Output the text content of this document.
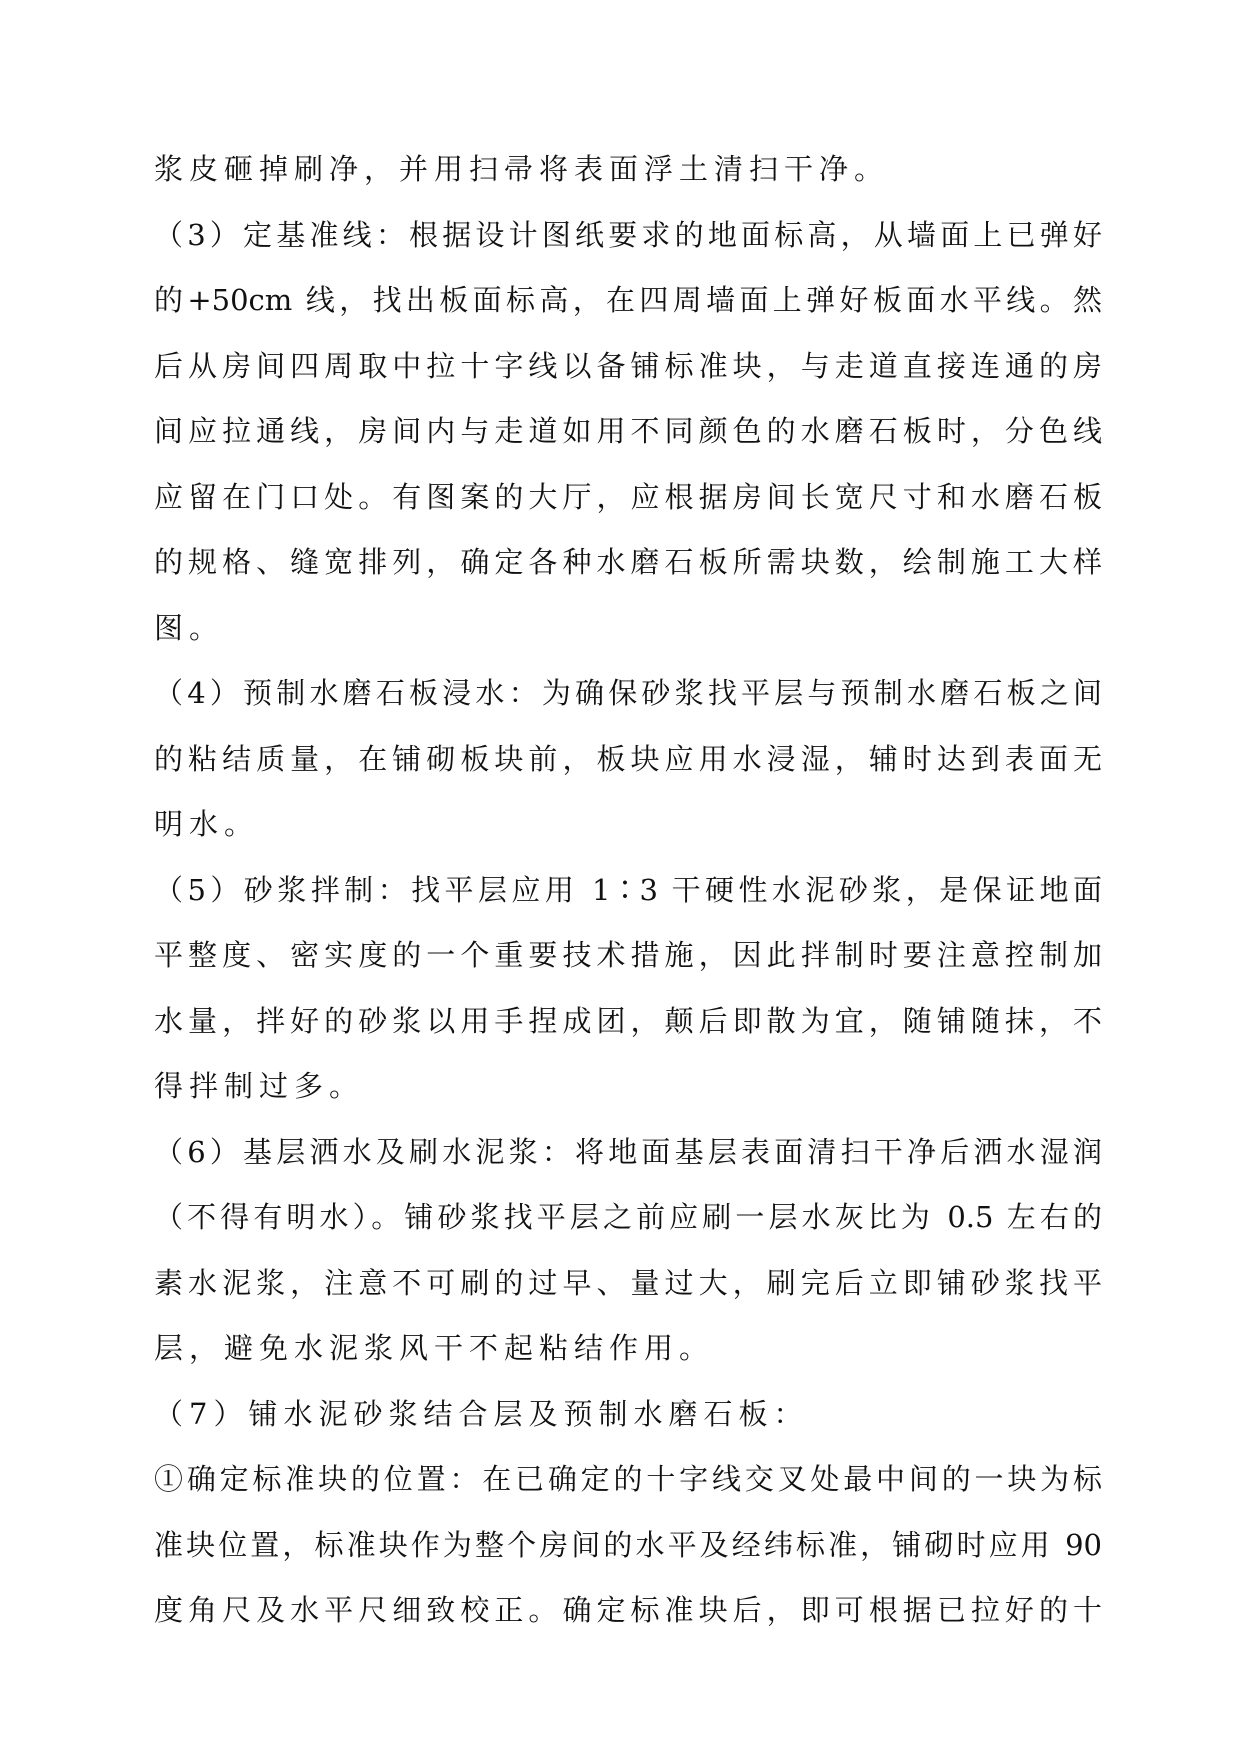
浆皮砸掉刷净，并用扫帚将表面浮土清扫干净。
（3）定基准线：根据设计图纸要求的地面标高，从墙面上已弹好
的+50cm 线，找出板面标高，在四周墙面上弹好板面水平线。然
后从房间四周取中拉十字线以备铺标准块，与走道直接连通的房
间应拉通线，房间内与走道如用不同颜色的水磨石板时，分色线
应留在门口处。有图案的大厅，应根据房间长宽尺寸和水磨石板
的规格、缝宽排列，确定各种水磨石板所需块数，绘制施工大样
图。
（4）预制水磨石板浸水：为确保砂浆找平层与预制水磨石板之间
的粘结质量，在铺砌板块前，板块应用水浸湿，辅时达到表面无
明水。
（5）砂浆拌制：找平层应用 1∶3 干硬性水泥砂浆，是保证地面
平整度、密实度的一个重要技术措施，因此拌制时要注意控制加
水量，拌好的砂浆以用手捏成团，颠后即散为宜，随铺随抹，不
得拌制过多。
（6）基层洒水及刷水泥浆：将地面基层表面清扫干净后洒水湿润
（不得有明水）。铺砂浆找平层之前应刷一层水灰比为 0.5 左右的
素水泥浆，注意不可刷的过早、量过大，刷完后立即铺砂浆找平
层，避免水泥浆风干不起粘结作用。
（7）铺水泥砂浆结合层及预制水磨石板：
①确定标准块的位置：在已确定的十字线交叉处最中间的一块为标
准块位置，标准块作为整个房间的水平及经纬标准，铺砌时应用 90
度角尺及水平尺细致校正。确定标准块后，即可根据已拉好的十
